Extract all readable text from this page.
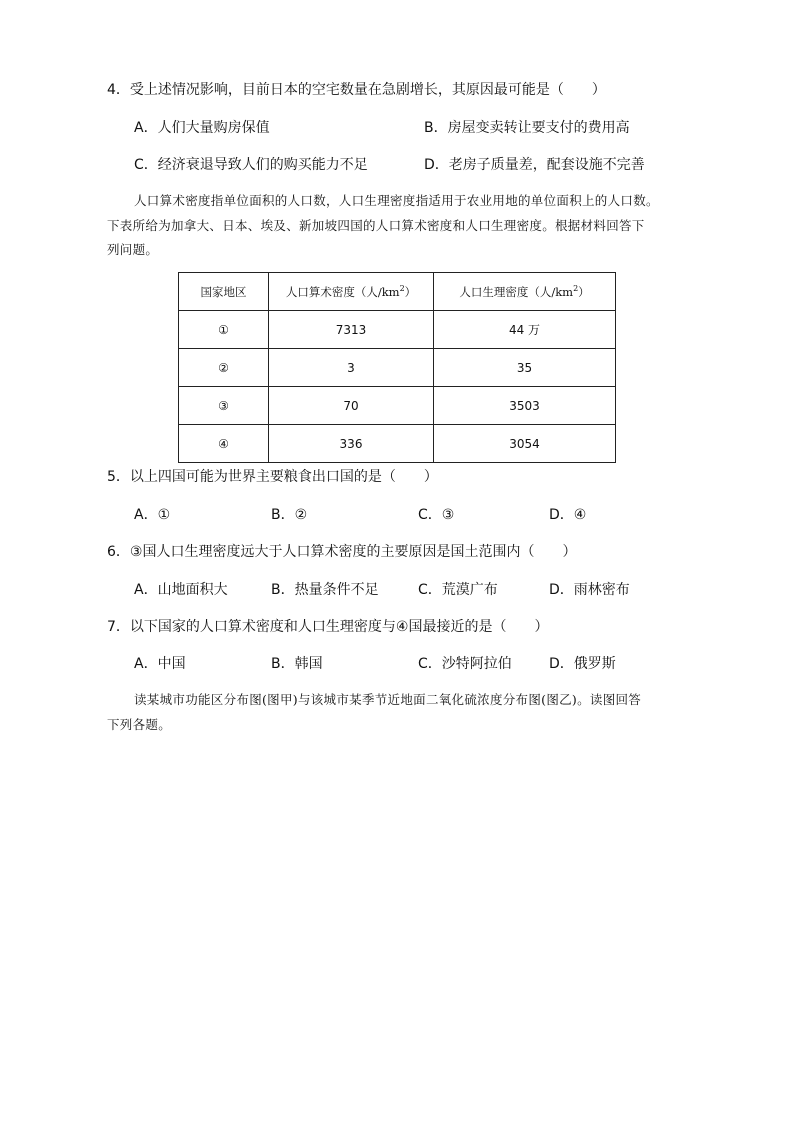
4．受上述情况影响，目前日本的空宅数量在急剧增长，其原因最可能是（　　）
A．人们大量购房保值	B．房屋变卖转让要支付的费用高
C．经济衰退导致人们的购买能力不足	D．老房子质量差，配套设施不完善
人口算术密度指单位面积的人口数，人口生理密度指适用于农业用地的单位面积上的人口数。
下表所给为加拿大、日本、埃及、新加坡四国的人口算术密度和人口生理密度。根据材料回答下
列问题。
国家地区	人口算术密度（人$/km^2$）	人口生理密度（人$/km^2$）
①	7313	44 万
②	3	35
③	70	3503
④	336	3054
5．以上四国可能为世界主要粮食出口国的是（　　）
A．①	B．②	C．③	D．④
6．③国人口生理密度远大于人口算术密度的主要原因是国土范围内（　　）
A．山地面积大	B．热量条件不足	C．荒漠广布	D．雨林密布
7．以下国家的人口算术密度和人口生理密度与④国最接近的是（　　）
A．中国	B．韩国	C．沙特阿拉伯	D．俄罗斯
读某城市功能区分布图(图甲)与该城市某季节近地面二氧化硫浓度分布图(图乙)。读图回答
下列各题。
